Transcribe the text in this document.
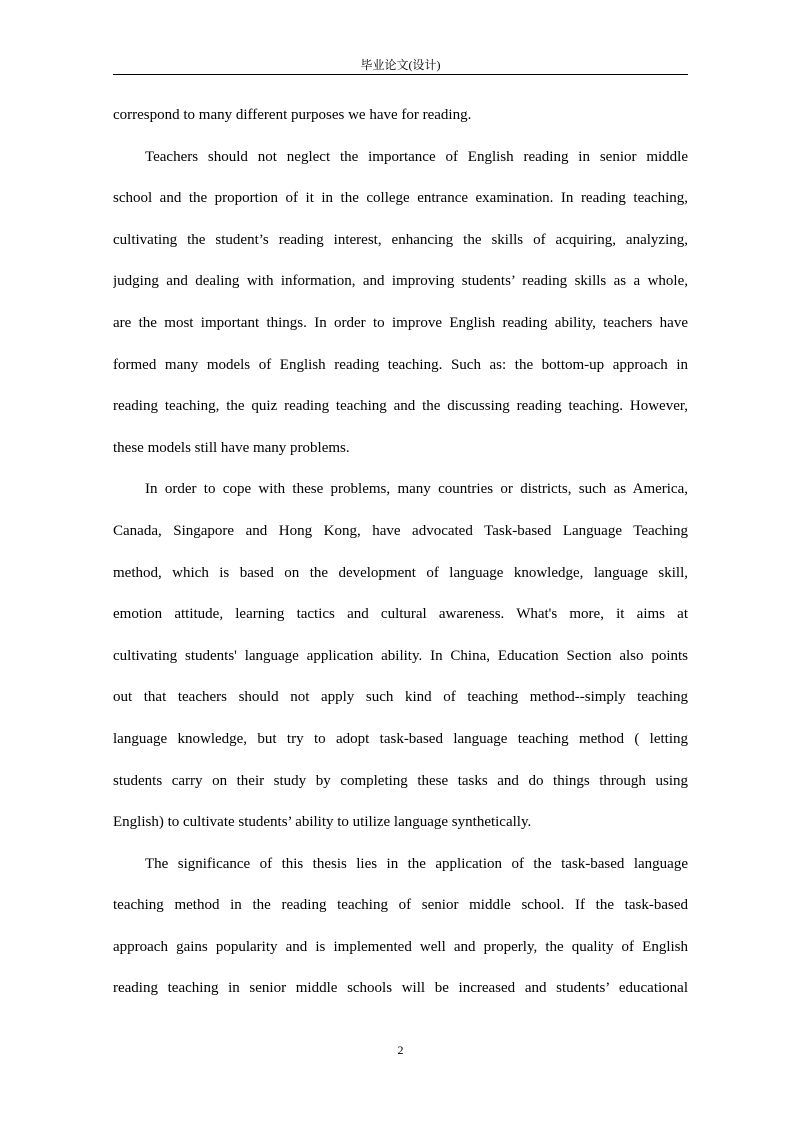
毕业论文(设计)
correspond to many different purposes we have for reading.
Teachers should not neglect the importance of English reading in senior middle
school and the proportion of it in the college entrance examination. In reading teaching,
cultivating the student’s reading interest, enhancing the skills of acquiring, analyzing,
judging and dealing with information, and improving students’ reading skills as a whole,
are the most important things. In order to improve English reading ability, teachers have
formed many models of English reading teaching. Such as: the bottom-up approach in
reading teaching, the quiz reading teaching and the discussing reading teaching. However,
these models still have many problems.
In order to cope with these problems, many countries or districts, such as America,
Canada, Singapore and Hong Kong, have advocated Task-based Language Teaching
method, which is based on the development of language knowledge, language skill,
emotion attitude, learning tactics and cultural awareness. What's more, it aims at
cultivating students' language application ability. In China, Education Section also points
out that teachers should not apply such kind of teaching method--simply teaching
language knowledge, but try to adopt task-based language teaching method ( letting
students carry on their study by completing these tasks and do things through using
English) to cultivate students’ ability to utilize language synthetically.
The significance of this thesis lies in the application of the task-based language
teaching method in the reading teaching of senior middle school. If the task-based
approach gains popularity and is implemented well and properly, the quality of English
reading teaching in senior middle schools will be increased and students’ educational
2
